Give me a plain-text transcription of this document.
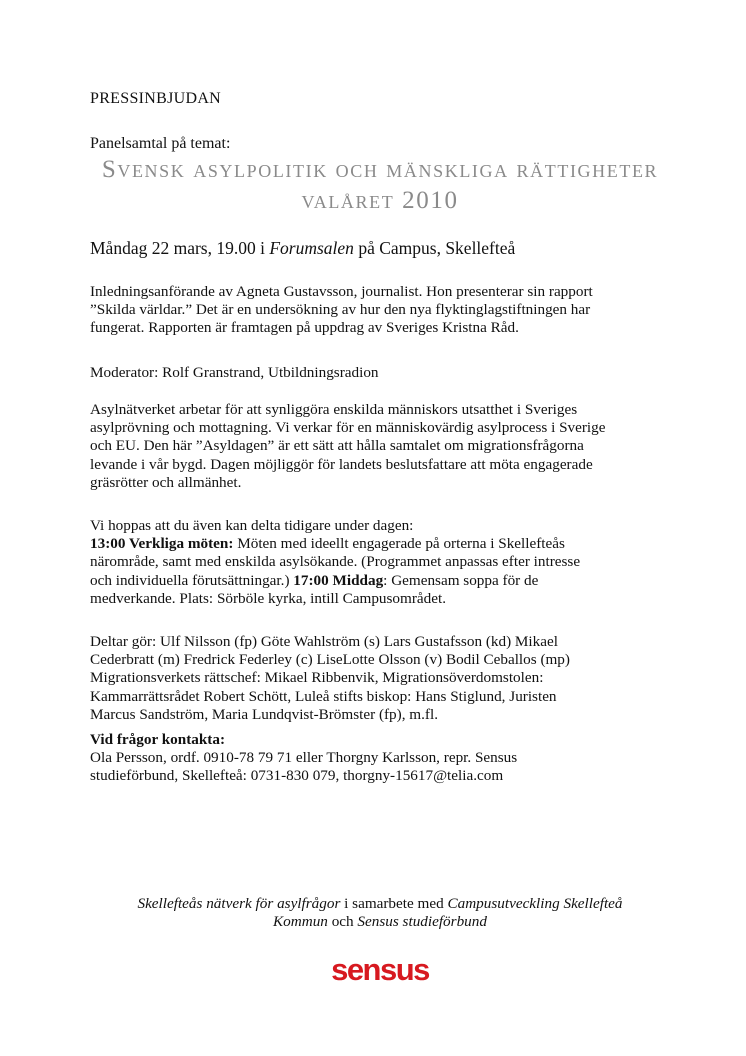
PRESSINBJUDAN
Panelsamtal på temat:
Svensk asylpolitik och mänskliga rättigheter
valåret 2010
Måndag 22 mars, 19.00 i Forumsalen på Campus, Skellefteå
Inledningsanförande av Agneta Gustavsson, journalist. Hon presenterar sin rapport
”Skilda världar.” Det är en undersökning av hur den nya flyktinglagstiftningen har
fungerat. Rapporten är framtagen på uppdrag av Sveriges Kristna Råd.
Moderator: Rolf Granstrand, Utbildningsradion
Asylnätverket arbetar för att synliggöra enskilda människors utsatthet i Sveriges
asylprövning och mottagning. Vi verkar för en människovärdig asylprocess i Sverige
och EU. Den här ”Asyldagen” är ett sätt att hålla samtalet om migrationsfrågorna
levande i vår bygd. Dagen möjliggör för landets beslutsfattare att möta engagerade
gräsrötter och allmänhet.
Vi hoppas att du även kan delta tidigare under dagen:
13:00 Verkliga möten: Möten med ideellt engagerade på orterna i Skellefteås
närområde, samt med enskilda asylsökande. (Programmet anpassas efter intresse
och individuella förutsättningar.) 17:00 Middag: Gemensam soppa för de
medverkande. Plats: Sörböle kyrka, intill Campusområdet.
Deltar gör: Ulf Nilsson (fp) Göte Wahlström (s) Lars Gustafsson (kd) Mikael
Cederbratt (m) Fredrick Federley (c) LiseLotte Olsson (v) Bodil Ceballos (mp)
Migrationsverkets rättschef: Mikael Ribbenvik, Migrationsöverdomstolen:
Kammarrättsrådet Robert Schött, Luleå stifts biskop: Hans Stiglund, Juristen
Marcus Sandström, Maria Lundqvist-Brömster (fp), m.fl.
Vid frågor kontakta:
Ola Persson, ordf. 0910-78 79 71 eller Thorgny Karlsson, repr. Sensus
studieförbund, Skellefteå: 0731-830 079, thorgny-15617@telia.com
Skellefteås nätverk för asylfrågor i samarbete med Campusutveckling Skellefteå
Kommun och Sensus studieförbund
sensus
